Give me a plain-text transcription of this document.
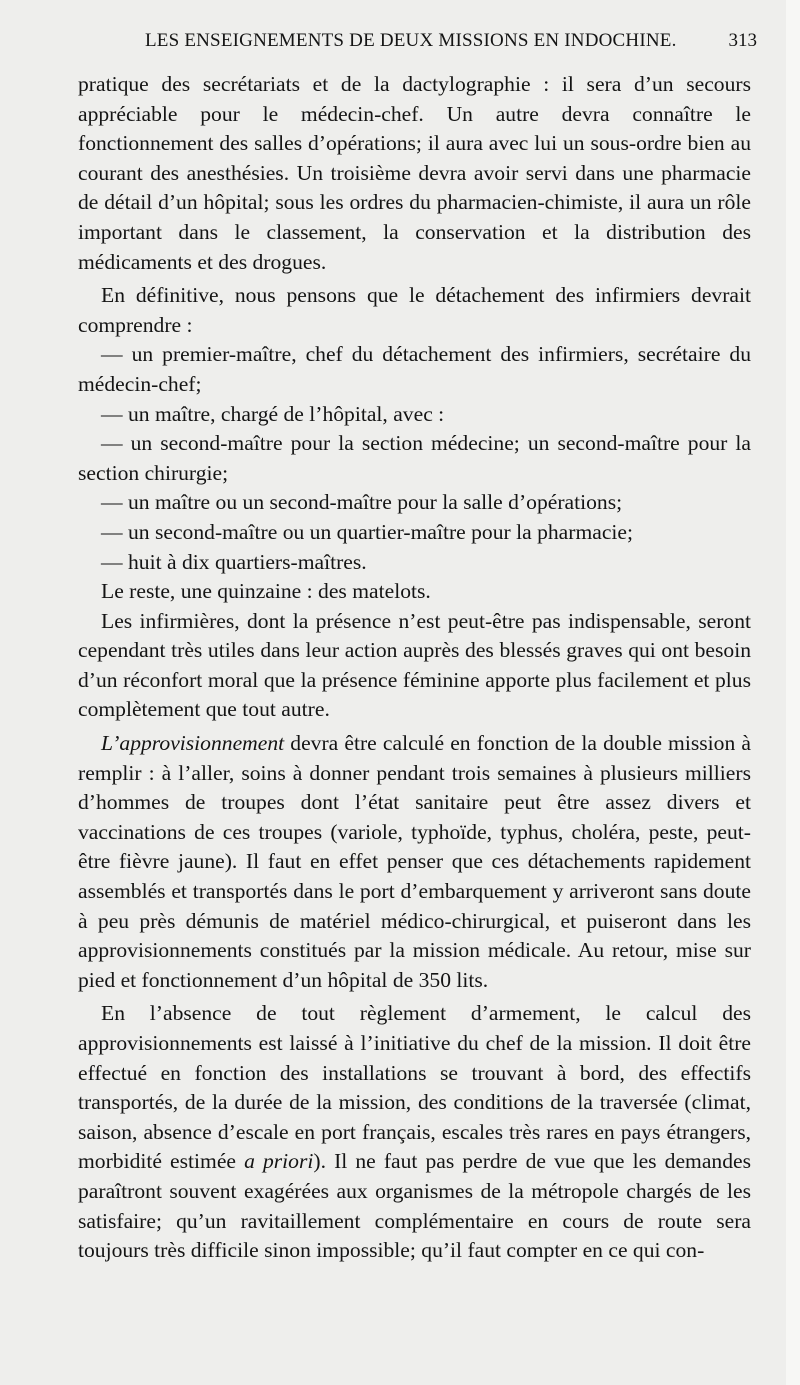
LES ENSEIGNEMENTS DE DEUX MISSIONS EN INDOCHINE.	313

pratique des secrétariats et de la dactylographie : il sera d’un secours appréciable pour le médecin-chef. Un autre devra connaître le fonctionnement des salles d’opérations; il aura avec lui un sous-ordre bien au courant des anesthésies. Un troisième devra avoir servi dans une pharmacie de détail d’un hôpital; sous les ordres du pharmacien-chimiste, il aura un rôle important dans le classement, la conservation et la distribution des médicaments et des drogues.

En définitive, nous pensons que le détachement des infirmiers devrait comprendre :

— un premier-maître, chef du détachement des infirmiers, secrétaire du médecin-chef;

— un maître, chargé de l’hôpital, avec :

— un second-maître pour la section médecine; un second-maître pour la section chirurgie;

— un maître ou un second-maître pour la salle d’opérations;

— un second-maître ou un quartier-maître pour la pharmacie;

— huit à dix quartiers-maîtres.

Le reste, une quinzaine : des matelots.

Les infirmières, dont la présence n’est peut-être pas indispensable, seront cependant très utiles dans leur action auprès des blessés graves qui ont besoin d’un réconfort moral que la présence féminine apporte plus facilement et plus complètement que tout autre.

L’approvisionnement devra être calculé en fonction de la double mission à remplir : à l’aller, soins à donner pendant trois semaines à plusieurs milliers d’hommes de troupes dont l’état sanitaire peut être assez divers et vaccinations de ces troupes (variole, typhoïde, typhus, choléra, peste, peut-être fièvre jaune). Il faut en effet penser que ces détachements rapidement assemblés et transportés dans le port d’embarquement y arriveront sans doute à peu près démunis de matériel médico-chirurgical, et puiseront dans les approvisionnements constitués par la mission médicale. Au retour, mise sur pied et fonctionnement d’un hôpital de 350 lits.

En l’absence de tout règlement d’armement, le calcul des approvisionnements est laissé à l’initiative du chef de la mission. Il doit être effectué en fonction des installations se trouvant à bord, des effectifs transportés, de la durée de la mission, des conditions de la traversée (climat, saison, absence d’escale en port français, escales très rares en pays étrangers, morbidité estimée a priori). Il ne faut pas perdre de vue que les demandes paraîtront souvent exagérées aux organismes de la métropole chargés de les satisfaire; qu’un ravitaillement complémentaire en cours de route sera toujours très difficile sinon impossible; qu’il faut compter en ce qui con-
